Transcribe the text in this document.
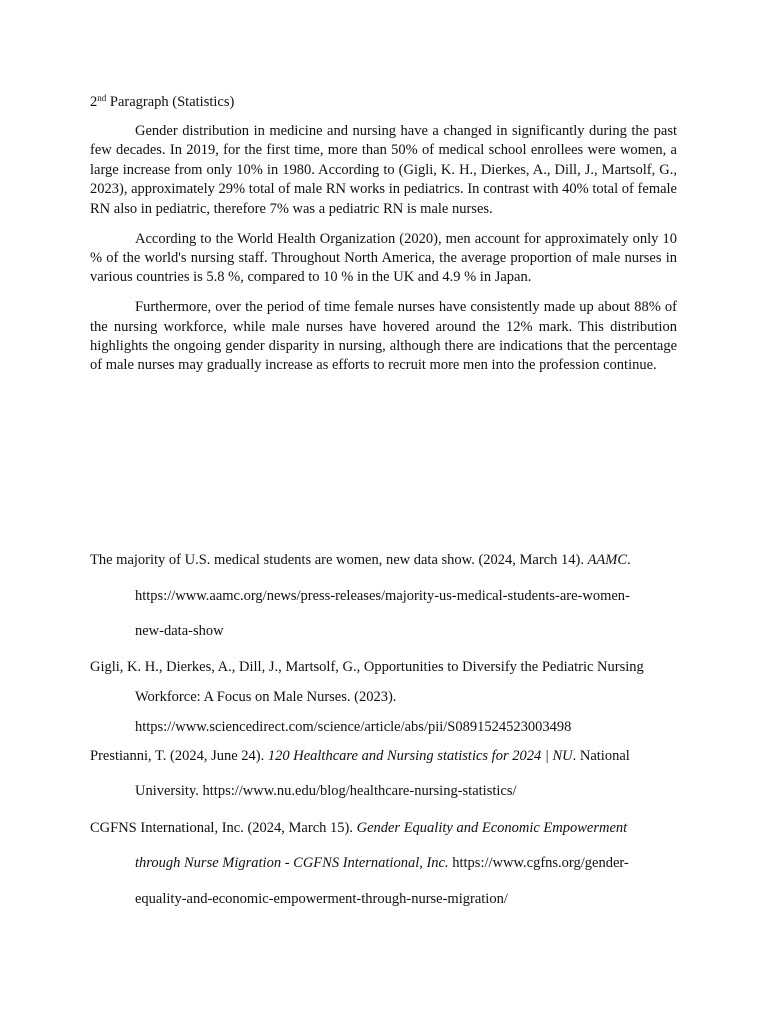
2nd Paragraph (Statistics)

Gender distribution in medicine and nursing have a changed in significantly during the past few decades. In 2019, for the first time, more than 50% of medical school enrollees were women, a large increase from only 10% in 1980. According to (Gigli, K. H., Dierkes, A., Dill, J., Martsolf, G., 2023), approximately 29% total of male RN works in pediatrics. In contrast with 40% total of female RN also in pediatric, therefore 7% was a pediatric RN is male nurses.

According to the World Health Organization (2020), men account for approximately only 10 % of the world's nursing staff. Throughout North America, the average proportion of male nurses in various countries is 5.8 %, compared to 10 % in the UK and 4.9 % in Japan.

Furthermore, over the period of time female nurses have consistently made up about 88% of the nursing workforce, while male nurses have hovered around the 12% mark. This distribution highlights the ongoing gender disparity in nursing, although there are indications that the percentage of male nurses may gradually increase as efforts to recruit more men into the profession continue.

The majority of U.S. medical students are women, new data show. (2024, March 14). AAMC.
https://www.aamc.org/news/press-releases/majority-us-medical-students-are-women-
new-data-show
Gigli, K. H., Dierkes, A., Dill, J., Martsolf, G., Opportunities to Diversify the Pediatric Nursing
Workforce: A Focus on Male Nurses. (2023).
https://www.sciencedirect.com/science/article/abs/pii/S0891524523003498
Prestianni, T. (2024, June 24). 120 Healthcare and Nursing statistics for 2024 | NU. National
University. https://www.nu.edu/blog/healthcare-nursing-statistics/
CGFNS International, Inc. (2024, March 15). Gender Equality and Economic Empowerment
through Nurse Migration - CGFNS International, Inc. https://www.cgfns.org/gender-
equality-and-economic-empowerment-through-nurse-migration/
